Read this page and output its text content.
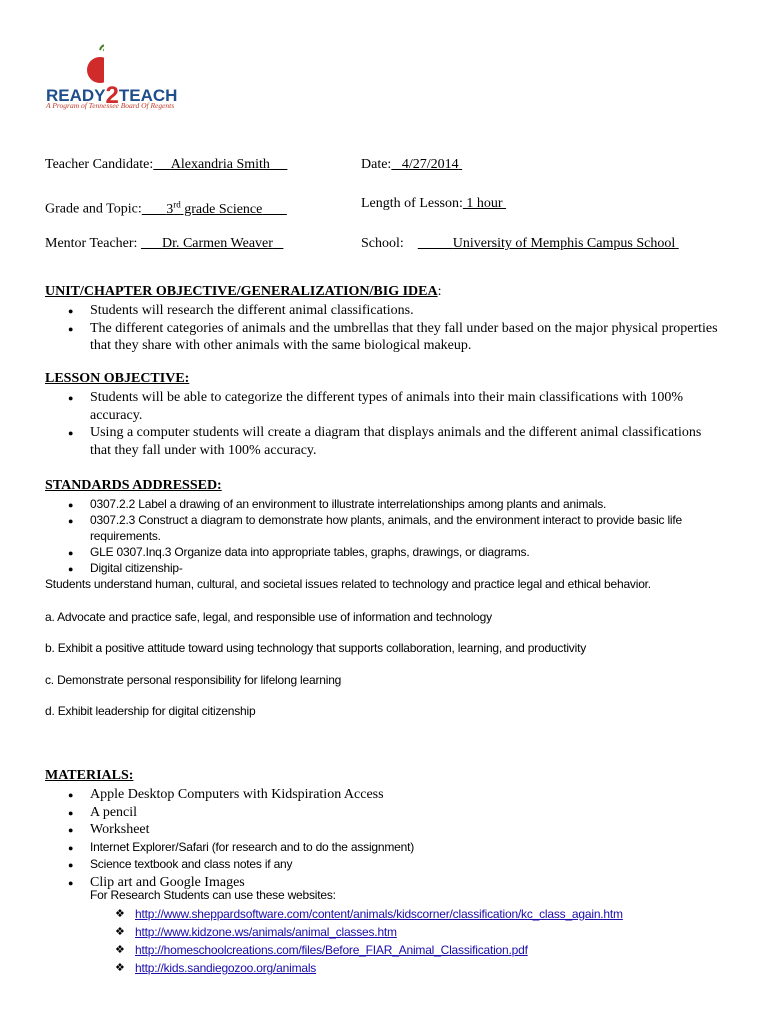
READY2TEACH
A Program of Tennessee Board Of Regents
Teacher Candidate: Alexandria Smith	Date: 4/27/2014
Grade and Topic: 3rd grade Science	Length of Lesson: 1 hour
Mentor Teacher: Dr. Carmen Weaver	School:	University of Memphis Campus School
UNIT/CHAPTER OBJECTIVE/GENERALIZATION/BIG IDEA:
● Students will research the different animal classifications.
● The different categories of animals and the umbrellas that they fall under based on the major physical properties that they share with other animals with the same biological makeup.
LESSON OBJECTIVE:
● Students will be able to categorize the different types of animals into their main classifications with 100% accuracy.
● Using a computer students will create a diagram that displays animals and the different animal classifications that they fall under with 100% accuracy.
STANDARDS ADDRESSED:
● 0307.2.2 Label a drawing of an environment to illustrate interrelationships among plants and animals.
● 0307.2.3 Construct a diagram to demonstrate how plants, animals, and the environment interact to provide basic life requirements.
● GLE 0307.Inq.3 Organize data into appropriate tables, graphs, drawings, or diagrams.
● Digital citizenship-
Students understand human, cultural, and societal issues related to technology and practice legal and ethical behavior.
a. Advocate and practice safe, legal, and responsible use of information and technology
b. Exhibit a positive attitude toward using technology that supports collaboration, learning, and productivity
c. Demonstrate personal responsibility for lifelong learning
d. Exhibit leadership for digital citizenship
MATERIALS:
● Apple Desktop Computers with Kidspiration Access
● A pencil
● Worksheet
● Internet Explorer/Safari (for research and to do the assignment)
● Science textbook and class notes if any
● Clip art and Google Images
For Research Students can use these websites:
❖ http://www.sheppardsoftware.com/content/animals/kidscorner/classification/kc_class_again.htm
❖ http://www.kidzone.ws/animals/animal_classes.htm
❖ http://homeschoolcreations.com/files/Before_FIAR_Animal_Classification.pdf
❖ http://kids.sandiegozoo.org/animals
